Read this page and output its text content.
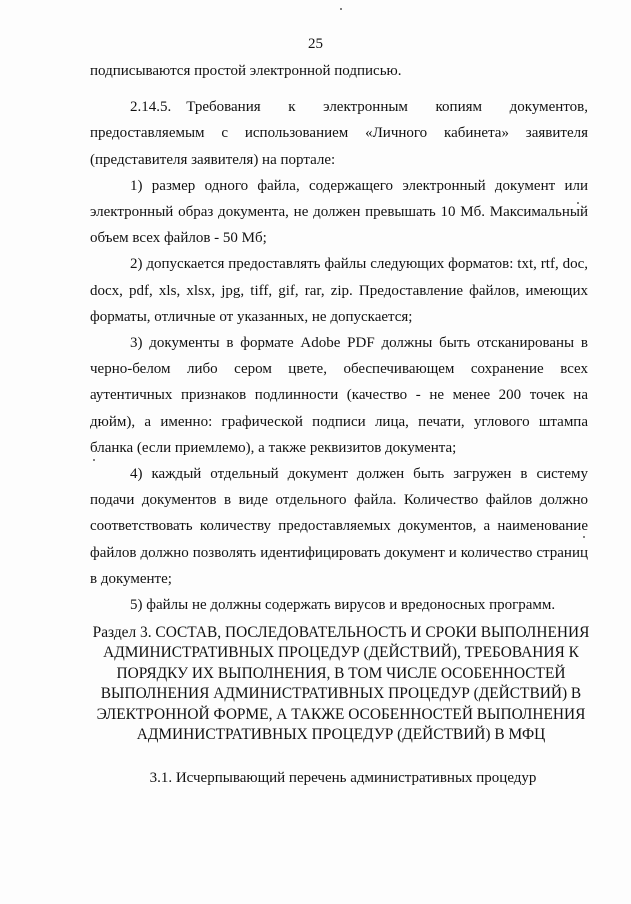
25

подписываются простой электронной подписью.

2.14.5. Требования к электронным копиям документов, предоставляемым с использованием «Личного кабинета» заявителя (представителя заявителя) на портале:

1) размер одного файла, содержащего электронный документ или электронный образ документа, не должен превышать 10 Мб. Максимальный объем всех файлов - 50 Мб;

2) допускается предоставлять файлы следующих форматов: txt, rtf, doc, docx, pdf, xls, xlsx, jpg, tiff, gif, rar, zip. Предоставление файлов, имеющих форматы, отличные от указанных, не допускается;

3) документы в формате Adobe PDF должны быть отсканированы в черно-белом либо сером цвете, обеспечивающем сохранение всех аутентичных признаков подлинности (качество - не менее 200 точек на дюйм), а именно: графической подписи лица, печати, углового штампа бланка (если приемлемо), а также реквизитов документа;

4) каждый отдельный документ должен быть загружен в систему подачи документов в виде отдельного файла. Количество файлов должно соответствовать количеству предоставляемых документов, а наименование файлов должно позволять идентифицировать документ и количество страниц в документе;

5) файлы не должны содержать вирусов и вредоносных программ.

Раздел 3. СОСТАВ, ПОСЛЕДОВАТЕЛЬНОСТЬ И СРОКИ ВЫПОЛНЕНИЯ АДМИНИСТРАТИВНЫХ ПРОЦЕДУР (ДЕЙСТВИЙ), ТРЕБОВАНИЯ К ПОРЯДКУ ИХ ВЫПОЛНЕНИЯ, В ТОМ ЧИСЛЕ ОСОБЕННОСТЕЙ ВЫПОЛНЕНИЯ АДМИНИСТРАТИВНЫХ ПРОЦЕДУР (ДЕЙСТВИЙ) В ЭЛЕКТРОННОЙ ФОРМЕ, А ТАКЖЕ ОСОБЕННОСТЕЙ ВЫПОЛНЕНИЯ АДМИНИСТРАТИВНЫХ ПРОЦЕДУР (ДЕЙСТВИЙ) В МФЦ
3.1. Исчерпывающий перечень административных процедур
